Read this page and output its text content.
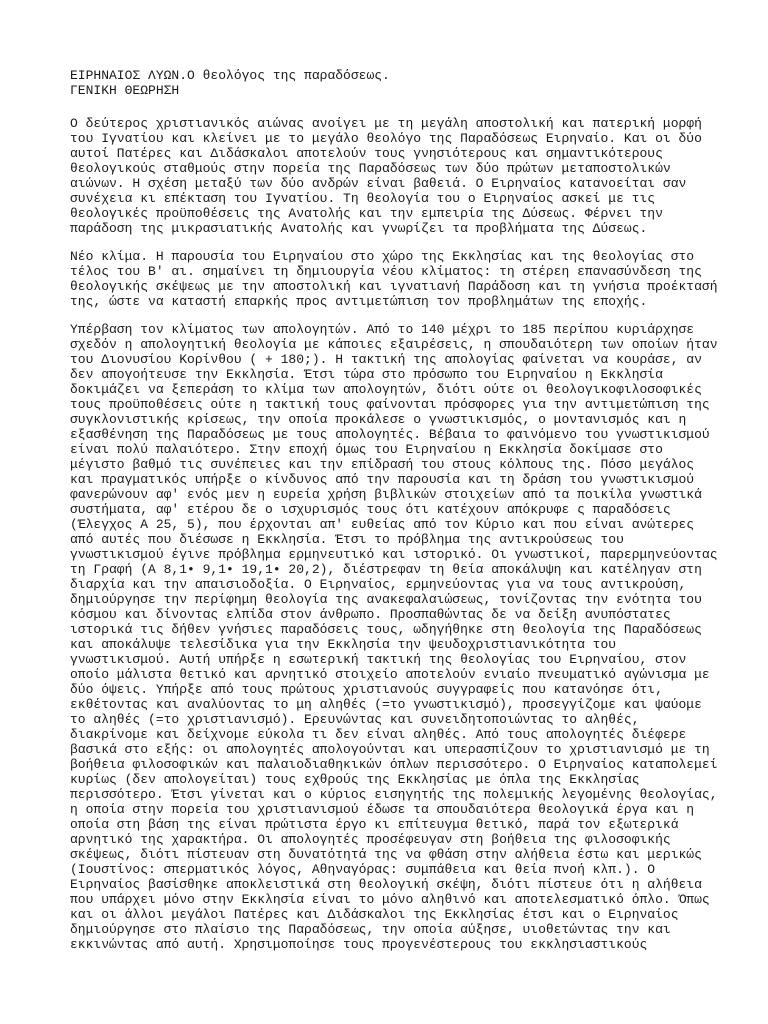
ΕΙΡΗΝΑΙΟΣ ΛΥΩΝ.Ο θεολόγος της παραδόσεως.
ΓΕΝΙΚΗ ΘΕΩΡΗΣΗ
Ο δεύτερος χριστιανικός αιώνας ανοίγει με τη μεγάλη αποστολική και πατερική μορφή
του Ιγνατίου και κλείνει με το μεγάλο θεολόγο της Παραδόσεως Ειρηναίο. Και οι δύο
αυτοί Πατέρες και Διδάσκαλοι αποτελούν τους γνησιότερους και σημαντικότερους
θεολογικούς σταθμούς στην πορεία της Παραδόσεως των δύο πρώτων μεταποστολικών
αιώνων. Η σχέση μεταξύ των δύο ανδρών είναι βαθειά. Ο Ειρηναίος κατανοείται σαν
συνέχεια κι επέκταση του Ιγνατίου. Τη θεολογία του ο Ειρηναίος ασκεί με τις
θεολογικές προϋποθέσεις της Ανατολής και την εμπειρία της Δύσεως. Φέρνει την
παράδοση της μικρασιατικής Ανατολής και γνωρίζει τα προβλήματα της Δύσεως.
Νέο κλίμα. Η παρουσία του Ειρηναίου στο χώρο της Εκκλησίας και της θεολογίας στο
τέλος του Β' αι. σημαίνει τη δημιουργία νέου κλίματος: τη στέρεη επανασύνδεση της
θεολογικής σκέψεως με την αποστολική και ιγνατιανή Παράδοση και τη γνήσια προέκτασή
της, ώστε να καταστή επαρκής προς αντιμετώπιση τον προβλημάτων της εποχής.
Υπέρβαση τον κλίματος των απολογητών. Από το 140 μέχρι το 185 περίπου κυριάρχησε
σχεδόν η απολογητική θεολογία με κάποιες εξαιρέσεις, η σπουδαιότερη των οποίων ήταν
του Διονυσίου Κορίνθου ( + 180;). Η τακτική της απολογίας φαίνεται να κουράσε, αν
δεν απογοήτευσε την Εκκλησία. Έτσι τώρα στο πρόσωπο του Ειρηναίου η Εκκλησία
δοκιμάζει να ξεπεράση το κλίμα των απολογητών, διότι ούτε οι θεολογικοφιλοσοφικές
τους προϋποθέσεις ούτε η τακτική τους φαίνονται πρόσφορες για την αντιμετώπιση της
συγκλονιστικής κρίσεως, την οποία προκάλεσε ο γνωστικισμός, ο μοντανισμός και η
εξασθένηση της Παραδόσεως με τους απολογητές. Βέβαια το φαινόμενο του γνωστικισμού
είναι πολύ παλαιότερο. Στην εποχή όμως του Ειρηναίου η Εκκλησία δοκίμασε στο
μέγιστο βαθμό τις συνέπειες και την επίδρασή του στους κόλπους της. Πόσο μεγάλος
και πραγματικός υπήρξε ο κίνδυνος από την παρουσία και τη δράση του γνωστικισμού
φανερώνουν αφ' ενός μεν η ευρεία χρήση βιβλικών στοιχείων από τα ποικίλα γνωστικά
συστήματα, αφ' ετέρου δε ο ισχυρισμός τους ότι κατέχουν απόκρυφε ς παραδόσεις
(Έλεγχος Α 25, 5), που έρχονται απ' ευθείας από τον Κύριο και που είναι ανώτερες
από αυτές που διέσωσε η Εκκλησία. Έτσι το πρόβλημα της αντικρούσεως του
γνωστικισμού έγινε πρόβλημα ερμηνευτικό και ιστορικό. Οι γνωστικοί, παρερμηνεύοντας
τη Γραφή (Α 8,1• 9,1• 19,1• 20,2), διέστρεφαν τη θεία αποκάλυψη και κατέληγαν στη
διαρχία και την απαισιοδοξία. Ο Ειρηναίος, ερμηνεύοντας για να τους αντικρούση,
δημιούργησε την περίφημη θεολογία της ανακεφαλαιώσεως, τονίζοντας την ενότητα του
κόσμου και δίνοντας ελπίδα στον άνθρωπο. Προσπαθώντας δε να δείξη ανυπόστατες
ιστορικά τις δήθεν γνήσιες παραδόσεις τους, ωδηγήθηκε στη θεολογία της Παραδόσεως
και αποκάλυψε τελεσίδικα για την Εκκλησία την ψευδοχριστιανικότητα του
γνωστικισμού. Αυτή υπήρξε η εσωτερική τακτική της θεολογίας του Ειρηναίου, στον
οποίο μάλιστα θετικό και αρνητικό στοιχείο αποτελούν ενιαίο πνευματικό αγώνισμα με
δύο όψεις. Υπήρξε από τους πρώτους χριστιανούς συγγραφείς που κατανόησε ότι,
εκθέτοντας και αναλύοντας το μη αληθές (=το γνωστικισμό), προσεγγίζομε και ψαύομε
το αληθές (=το χριστιανισμό). Ερευνώντας και συνειδητοποιώντας το αληθές,
διακρίνομε και δείχνομε εύκολα τι δεν είναι αληθές. Από τους απολογητές διέφερε
βασικά στο εξής: οι απολογητές απολογούνται και υπερασπίζουν το χριστιανισμό με τη
βοήθεια φιλοσοφικών και παλαιοδιαθηκικών όπλων περισσότερο. Ο Ειρηναίος καταπολεμεί
κυρίως (δεν απολογείται) τους εχθρούς της Εκκλησίας με όπλα της Εκκλησίας
περισσότερο. Έτσι γίνεται και ο κύριος εισηγητής της πολεμικής λεγομένης θεολογίας,
η οποία στην πορεία του χριστιανισμού έδωσε τα σπουδαιότερα θεολογικά έργα και η
οποία στη βάση της είναι πρώτιστα έργο κι επίτευγμα θετικό, παρά τον εξωτερικά
αρνητικό της χαρακτήρα. Οι απολογητές προσέφευγαν στη βοήθεια της φιλοσοφικής
σκέψεως, διότι πίστευαν στη δυνατότητά της να φθάση στην αλήθεια έστω και μερικώς
(Ιουστίνος: σπερματικός λόγος, Αθηναγόρας: συμπάθεια και θεία πνοή κλπ.). Ο
Ειρηναίος βασίσθηκε αποκλειστικά στη θεολογική σκέψη, διότι πίστευε ότι η αλήθεια
που υπάρχει μόνο στην Εκκλησία είναι το μόνο αληθινό και αποτελεσματικό όπλο. Όπως
και οι άλλοι μεγάλοι Πατέρες και Διδάσκαλοι της Εκκλησίας έτσι και ο Ειρηναίος
δημιούργησε στο πλαίσιο της Παραδόσεως, την οποία αύξησε, υιοθετώντας την και
εκκινώντας από αυτή. Χρησιμοποίησε τους προγενέστερους του εκκλησιαστικούς
